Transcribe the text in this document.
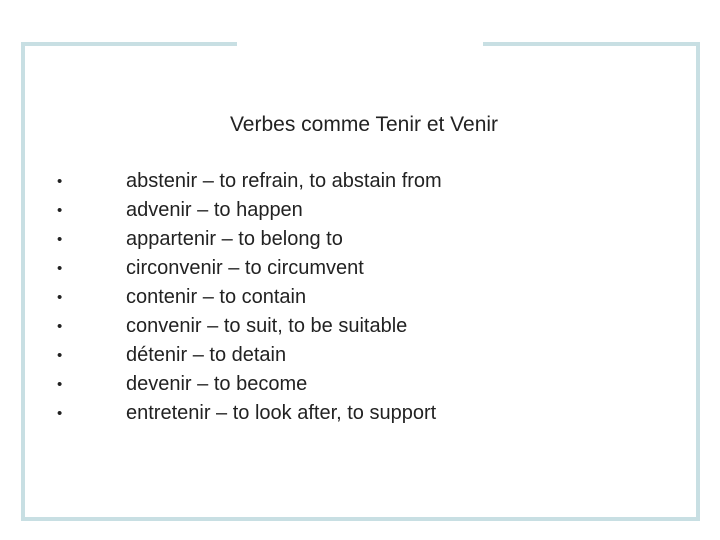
Verbes comme Tenir et Venir
•	abstenir – to refrain, to abstain from
•	advenir – to happen
•	appartenir – to belong to
•	circonvenir – to circumvent
•	contenir – to contain
•	convenir – to suit, to be suitable
•	détenir – to detain
•	devenir – to become
•	entretenir – to look after, to support
